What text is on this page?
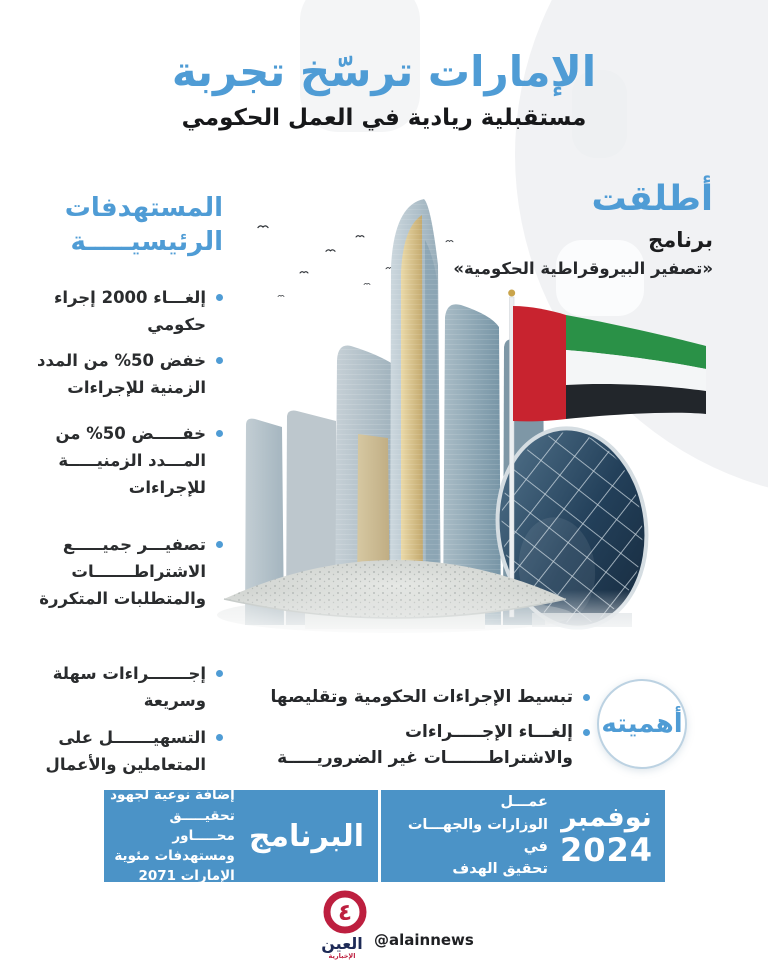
الإمارات ترسّخ تجربة
مستقبلية ريادية في العمل الحكومي
أطلقت
برنامج
«تصفير البيروقراطية الحكومية»
المستهدفات
الرئيسيـــــة
إلغـــاء 2000 إجراء حكومي
خفض 50% من المدد الزمنية للإجراءات
خفـــــض 50% من المـــدد الزمنيـــــة للإجراءات
تصفيـــر جميـــــع الاشتراطـــــــات والمتطلبات المتكررة
إجـــــــراءات سهلة وسريعة
التسهيـــــــل على المتعاملين والأعمال
أهميته
تبسيط الإجراءات الحكومية وتقليصها
إلغـــاء الإجـــــراءات والاشتراطـــــــات غير الضروريـــــة
نوفمبر
2024
الإعلان عن نتائج عمـــل
الوزارات والجهـــات في
تحقيق الهدف المطلوب
البرنامج
إضافة نوعية لجهود
تحقيـــــق محـــــاور
ومستهدفات مئوية
الإمارات 2071
٤
العين
الإخبارية
@alainnews
